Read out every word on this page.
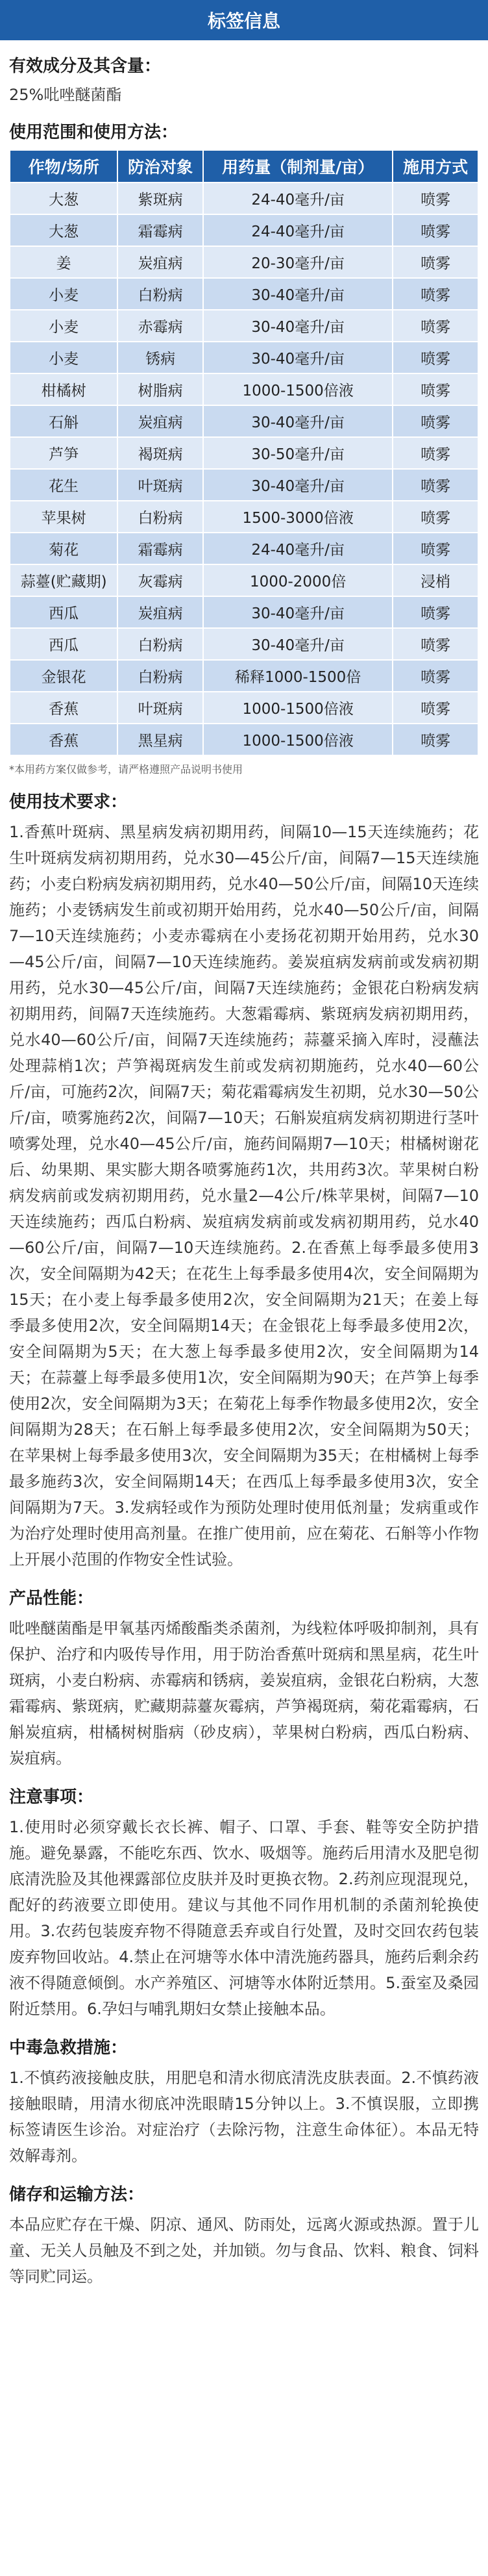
标签信息
有效成分及其含量：
25%吡唑醚菌酯
使用范围和使用方法：
作物/场所	防治对象	用药量（制剂量/亩）	施用方式
大葱	紫斑病	24-40毫升/亩	喷雾
大葱	霜霉病	24-40毫升/亩	喷雾
姜	炭疽病	20-30毫升/亩	喷雾
小麦	白粉病	30-40毫升/亩	喷雾
小麦	赤霉病	30-40毫升/亩	喷雾
小麦	锈病	30-40毫升/亩	喷雾
柑橘树	树脂病	1000-1500倍液	喷雾
石斛	炭疽病	30-40毫升/亩	喷雾
芦笋	褐斑病	30-50毫升/亩	喷雾
花生	叶斑病	30-40毫升/亩	喷雾
苹果树	白粉病	1500-3000倍液	喷雾
菊花	霜霉病	24-40毫升/亩	喷雾
蒜薹(贮藏期)	灰霉病	1000-2000倍	浸梢
西瓜	炭疽病	30-40毫升/亩	喷雾
西瓜	白粉病	30-40毫升/亩	喷雾
金银花	白粉病	稀释1000-1500倍	喷雾
香蕉	叶斑病	1000-1500倍液	喷雾
香蕉	黑星病	1000-1500倍液	喷雾
*本用药方案仅做参考，请严格遵照产品说明书使用
使用技术要求：
1.香蕉叶斑病、黑星病发病初期用药，间隔10—15天连续施药；花生叶斑病发病初期用药，兑水30—45公斤/亩，间隔7—15天连续施药；小麦白粉病发病初期用药，兑水40—50公斤/亩，间隔10天连续施药；小麦锈病发生前或初期开始用药，兑水40—50公斤/亩，间隔7—10天连续施药；小麦赤霉病在小麦扬花初期开始用药，兑水30—45公斤/亩，间隔7—10天连续施药。姜炭疽病发病前或发病初期用药，兑水30—45公斤/亩，间隔7天连续施药；金银花白粉病发病初期用药，间隔7天连续施药。大葱霜霉病、紫斑病发病初期用药，兑水40—60公斤/亩，间隔7天连续施药；蒜薹采摘入库时，浸蘸法处理蒜梢1次；芦笋褐斑病发生前或发病初期施药，兑水40—60公斤/亩，可施药2次，间隔7天；菊花霜霉病发生初期，兑水30—50公斤/亩，喷雾施药2次，间隔7—10天；石斛炭疽病发病初期进行茎叶喷雾处理，兑水40—45公斤/亩，施药间隔期7—10天；柑橘树谢花后、幼果期、果实膨大期各喷雾施药1次，共用药3次。苹果树白粉病发病前或发病初期用药，兑水量2—4公斤/株苹果树，间隔7—10天连续施药；西瓜白粉病、炭疽病发病前或发病初期用药，兑水40—60公斤/亩，间隔7—10天连续施药。2.在香蕉上每季最多使用3次，安全间隔期为42天；在花生上每季最多使用4次，安全间隔期为15天；在小麦上每季最多使用2次，安全间隔期为21天；在姜上每季最多使用2次，安全间隔期14天；在金银花上每季最多使用2次，安全间隔期为5天；在大葱上每季最多使用2次，安全间隔期为14天；在蒜薹上每季最多使用1次，安全间隔期为90天；在芦笋上每季使用2次，安全间隔期为3天；在菊花上每季作物最多使用2次，安全间隔期为28天；在石斛上每季最多使用2次，安全间隔期为50天；在苹果树上每季最多使用3次，安全间隔期为35天；在柑橘树上每季最多施药3次，安全间隔期14天；在西瓜上每季最多使用3次，安全间隔期为7天。3.发病轻或作为预防处理时使用低剂量；发病重或作为治疗处理时使用高剂量。在推广使用前，应在菊花、石斛等小作物上开展小范围的作物安全性试验。
产品性能：
吡唑醚菌酯是甲氧基丙烯酸酯类杀菌剂，为线粒体呼吸抑制剂，具有保护、治疗和内吸传导作用，用于防治香蕉叶斑病和黑星病，花生叶斑病，小麦白粉病、赤霉病和锈病，姜炭疽病，金银花白粉病，大葱霜霉病、紫斑病，贮藏期蒜薹灰霉病，芦笋褐斑病，菊花霜霉病，石斛炭疽病，柑橘树树脂病（砂皮病），苹果树白粉病，西瓜白粉病、炭疽病。
注意事项：
1.使用时必须穿戴长衣长裤、帽子、口罩、手套、鞋等安全防护措施。避免暴露，不能吃东西、饮水、吸烟等。施药后用清水及肥皂彻底清洗脸及其他裸露部位皮肤并及时更换衣物。2.药剂应现混现兑，配好的药液要立即使用。建议与其他不同作用机制的杀菌剂轮换使用。3.农药包装废弃物不得随意丢弃或自行处置，及时交回农药包装废弃物回收站。4.禁止在河塘等水体中清洗施药器具，施药后剩余药液不得随意倾倒。水产养殖区、河塘等水体附近禁用。5.蚕室及桑园附近禁用。6.孕妇与哺乳期妇女禁止接触本品。
中毒急救措施：
1.不慎药液接触皮肤，用肥皂和清水彻底清洗皮肤表面。2.不慎药液接触眼睛，用清水彻底冲洗眼睛15分钟以上。3.不慎误服，立即携标签请医生诊治。对症治疗（去除污物，注意生命体征）。本品无特效解毒剂。
储存和运输方法：
本品应贮存在干燥、阴凉、通风、防雨处，远离火源或热源。置于儿童、无关人员触及不到之处，并加锁。勿与食品、饮料、粮食、饲料等同贮同运。
